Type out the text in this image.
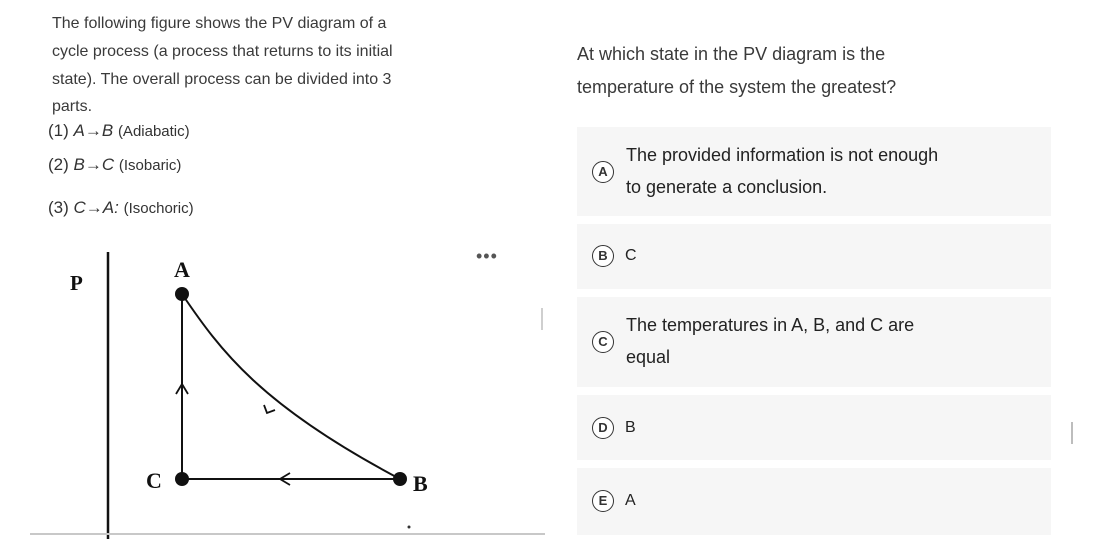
The following figure shows the PV diagram of a

cycle process (a process that returns to its initial

state). The overall process can be divided into 3

parts.

(1) A→B (Adiabatic)
(2) B→C (Isobaric)
(3) C→A: (Isochoric)
P
A
C	B
•••
At which state in the PV diagram is the
temperature of the system the greatest?
A
The provided information is not enough
to generate a conclusion.
B	C
C
The temperatures in A, B, and C are
equal
D	B
E	A
